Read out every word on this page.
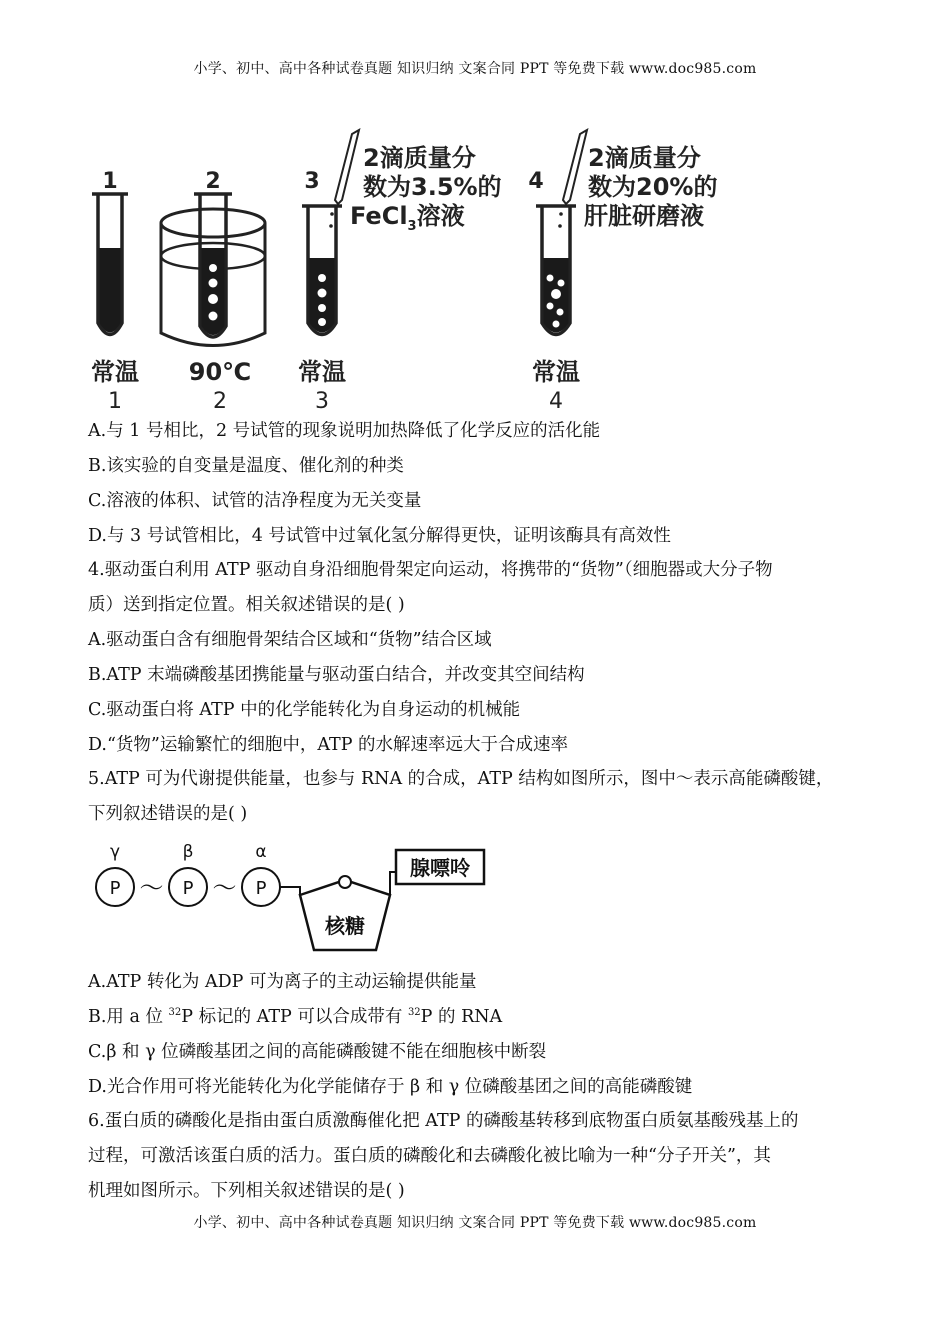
小学、初中、高中各种试卷真题 知识归纳 文案合同 PPT 等免费下载 www.doc985.com
1	2	3	4
2滴质量分
数为3.5%的
FeCl$_3$溶液
2滴质量分
数为20%的
肝脏研磨液
常温 90℃ 常温	常温
1	2	3	4
A.与 1 号相比，2 号试管的现象说明加热降低了化学反应的活化能
B.该实验的自变量是温度、催化剂的种类
C.溶液的体积、试管的洁净程度为无关变量
D.与 3 号试管相比，4 号试管中过氧化氢分解得更快，证明该酶具有高效性
4.驱动蛋白利用 ATP 驱动自身沿细胞骨架定向运动，将携带的“货物”（细胞器或大分子物
质）送到指定位置。相关叙述错误的是( )
A.驱动蛋白含有细胞骨架结合区域和“货物”结合区域
B.ATP 末端磷酸基团携能量与驱动蛋白结合，并改变其空间结构
C.驱动蛋白将 ATP 中的化学能转化为自身运动的机械能
D.“货物”运输繁忙的细胞中，ATP 的水解速率远大于合成速率
5.ATP 可为代谢提供能量，也参与 RNA 的合成，ATP 结构如图所示，图中～表示高能磷酸键，
下列叙述错误的是( )
γ	β	α
P	P	P
～ ～
腺嘌呤
核糖
A.ATP 转化为 ADP 可为离子的主动运输提供能量
B.用 a 位 $^{32}$P 标记的 ATP 可以合成带有 $^{32}$P 的 RNA
C.β 和 γ 位磷酸基团之间的高能磷酸键不能在细胞核中断裂
D.光合作用可将光能转化为化学能储存于 β 和 γ 位磷酸基团之间的高能磷酸键
6.蛋白质的磷酸化是指由蛋白质激酶催化把 ATP 的磷酸基转移到底物蛋白质氨基酸残基上的
过程，可激活该蛋白质的活力。蛋白质的磷酸化和去磷酸化被比喻为一种“分子开关”，其
机理如图所示。下列相关叙述错误的是( )
小学、初中、高中各种试卷真题 知识归纳 文案合同 PPT 等免费下载 www.doc985.com
